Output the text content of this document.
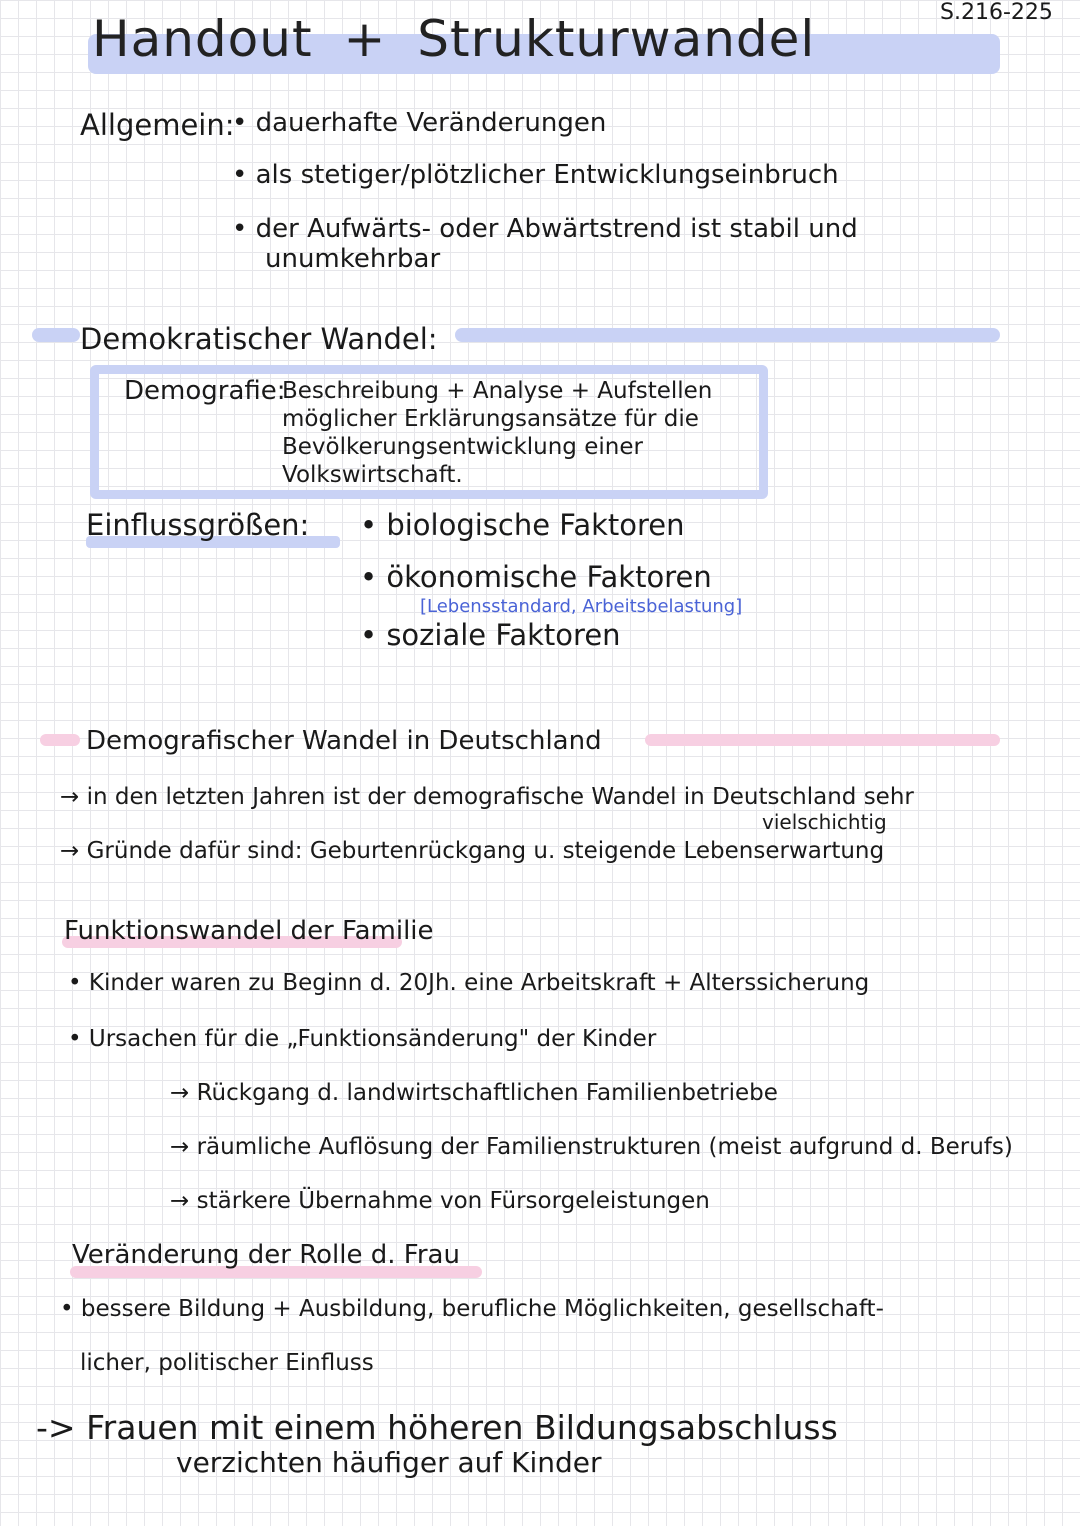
Handout + Strukturwandel	S.216-225
Allgemein:
• dauerhafte Veränderungen
• als stetiger/plötzlicher Entwicklungseinbruch
• der Aufwärts- oder Abwärtstrend ist stabil und
unumkehrbar
Demokratischer Wandel:
Demografie:
Beschreibung + Analyse + Aufstellen
möglicher Erklärungsansätze für die
Bevölkerungsentwicklung einer
Volkswirtschaft.
Einflussgrößen: • biologische Faktoren
• ökonomische Faktoren
[Lebensstandard, Arbeitsbelastung]
• soziale Faktoren
Demografischer Wandel in Deutschland
→ in den letzten Jahren ist der demografische Wandel in Deutschland sehr
vielschichtig
→ Gründe dafür sind: Geburtenrückgang u. steigende Lebenserwartung
Funktionswandel der Familie
• Kinder waren zu Beginn d. 20Jh. eine Arbeitskraft + Alterssicherung
• Ursachen für die „Funktionsänderung" der Kinder
→ Rückgang d. landwirtschaftlichen Familienbetriebe
→ räumliche Auflösung der Familienstrukturen (meist aufgrund d. Berufs)
→ stärkere Übernahme von Fürsorgeleistungen
Veränderung der Rolle d. Frau
• bessere Bildung + Ausbildung, berufliche Möglichkeiten, gesellschaft-
licher, politischer Einfluss
-> Frauen mit einem höheren Bildungsabschluss
verzichten häufiger auf Kinder
